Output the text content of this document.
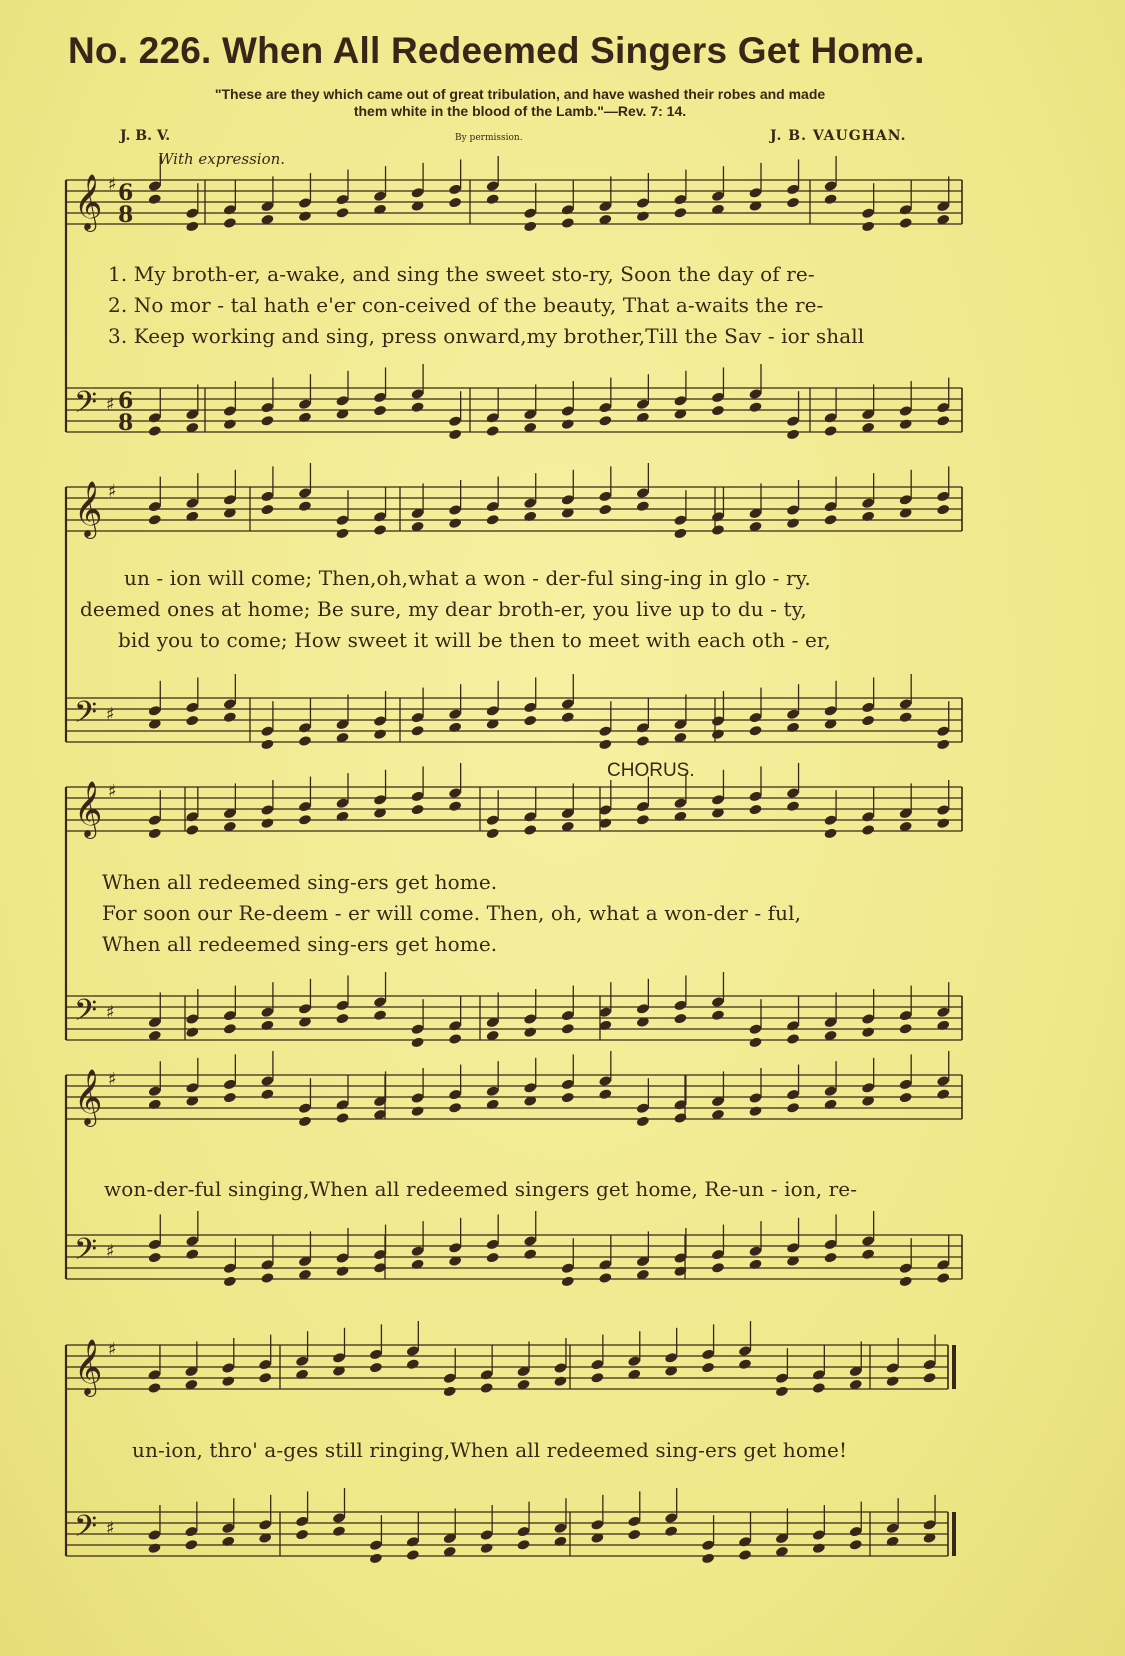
No. 226. When All Redeemed Singers Get Home.
"These are they which came out of great tribulation, and have washed their robes and made
them white in the blood of the Lamb."—Rev. 7: 14.
J. B. V.	By permission.	J. B. VAUGHAN.
With expression.
𝄞 ♯
𝄢 ♯
𝄞 ♯
𝄢 ♯
𝄞 ♯
𝄢 ♯
𝄞 ♯
𝄢 ♯
𝄞 ♯
𝄢 ♯
6
8
6
8
1. My broth-er, a-wake, and sing the sweet sto-ry, Soon the day of re-
2. No mor - tal hath e'er con-ceived of the beauty, That a-waits the re-
3. Keep working and sing, press onward,my brother,Till the Sav - ior shall
un - ion will come; Then,oh,what a won - der-ful sing-ing in glo - ry.
deemed ones at home; Be sure, my dear broth-er, you live up to du - ty,
bid you to come; How sweet it will be then to meet with each oth - er,
CHORUS.
When all redeemed sing-ers get home.
For soon our Re-deem - er will come. Then, oh, what a won-der - ful,
When all redeemed sing-ers get home.
won-der-ful singing,When all redeemed singers get home, Re-un - ion, re-
un-ion, thro' a-ges still ringing,When all redeemed sing-ers get home!
